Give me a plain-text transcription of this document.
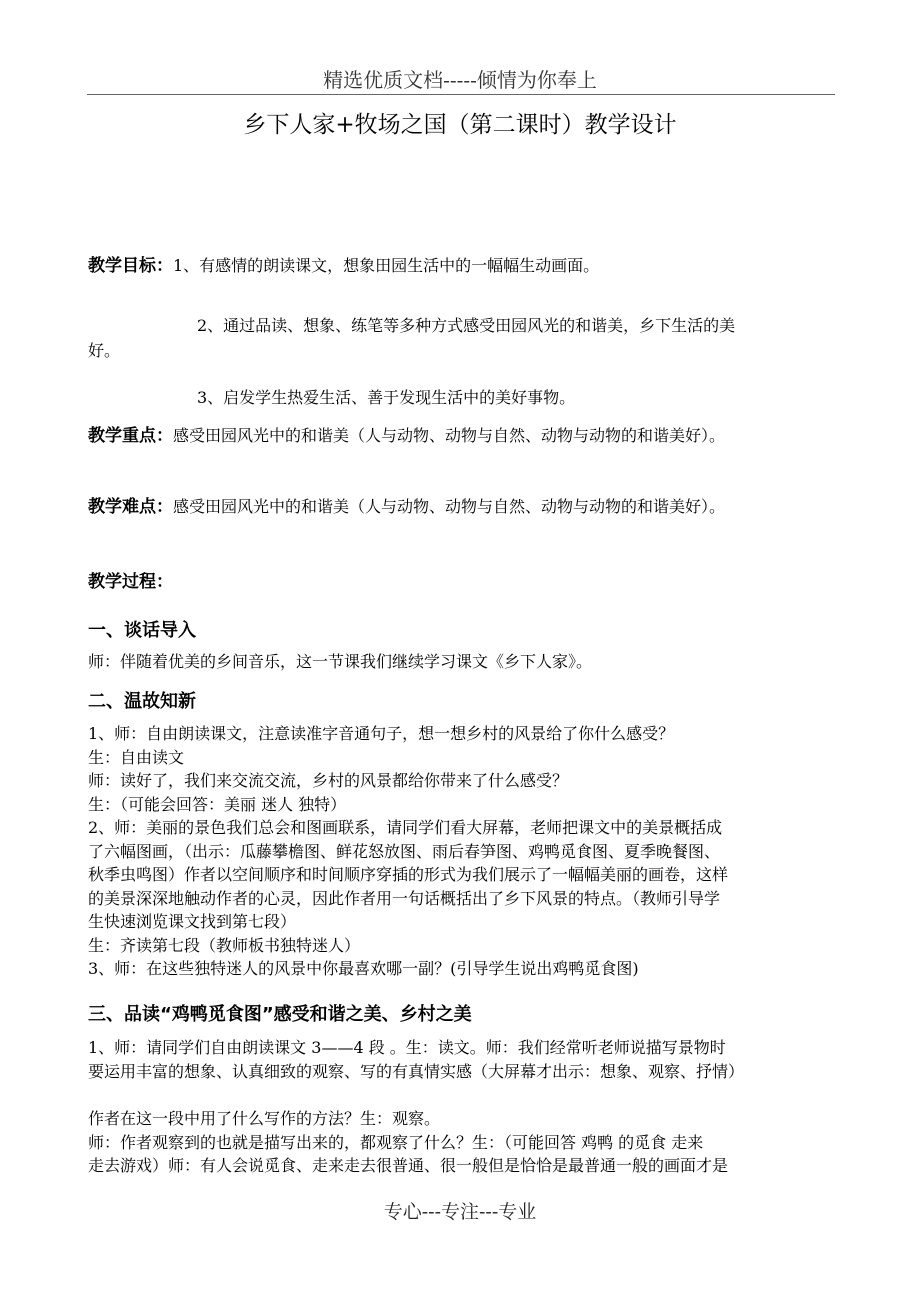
精选优质文档-----倾情为你奉上
乡下人家+牧场之国（第二课时）教学设计
教学目标：1、有感情的朗读课文，想象田园生活中的一幅幅生动画面。
2、通过品读、想象、练笔等多种方式感受田园风光的和谐美，乡下生活的美
好。
3、启发学生热爱生活、善于发现生活中的美好事物。
教学重点：感受田园风光中的和谐美（人与动物、动物与自然、动物与动物的和谐美好）。
教学难点：感受田园风光中的和谐美（人与动物、动物与自然、动物与动物的和谐美好）。
教学过程：
一、谈话导入
师：伴随着优美的乡间音乐，这一节课我们继续学习课文《乡下人家》。
二、温故知新
1、师：自由朗读课文，注意读准字音通句子，想一想乡村的风景给了你什么感受？
生：自由读文
师：读好了，我们来交流交流，乡村的风景都给你带来了什么感受？
生：（可能会回答：美丽 迷人 独特）
2、师：美丽的景色我们总会和图画联系，请同学们看大屏幕，老师把课文中的美景概括成
了六幅图画，（出示：瓜藤攀檐图、鲜花怒放图、雨后春笋图、鸡鸭觅食图、夏季晚餐图、
秋季虫鸣图）作者以空间顺序和时间顺序穿插的形式为我们展示了一幅幅美丽的画卷，这样
的美景深深地触动作者的心灵，因此作者用一句话概括出了乡下风景的特点。（教师引导学
生快速浏览课文找到第七段）
生：齐读第七段（教师板书独特迷人）
3、师：在这些独特迷人的风景中你最喜欢哪一副？(引导学生说出鸡鸭觅食图)
三、品读“鸡鸭觅食图”感受和谐之美、乡村之美
1、师：请同学们自由朗读课文 3——4 段 。生：读文。师：我们经常听老师说描写景物时
要运用丰富的想象、认真细致的观察、写的有真情实感（大屏幕才出示：想象、观察、抒情）
作者在这一段中用了什么写作的方法？生：观察。
师：作者观察到的也就是描写出来的，都观察了什么？生：（可能回答 鸡鸭 的觅食 走来
走去游戏）师：有人会说觅食、走来走去很普通、很一般但是恰恰是最普通一般的画面才是
专心---专注---专业
